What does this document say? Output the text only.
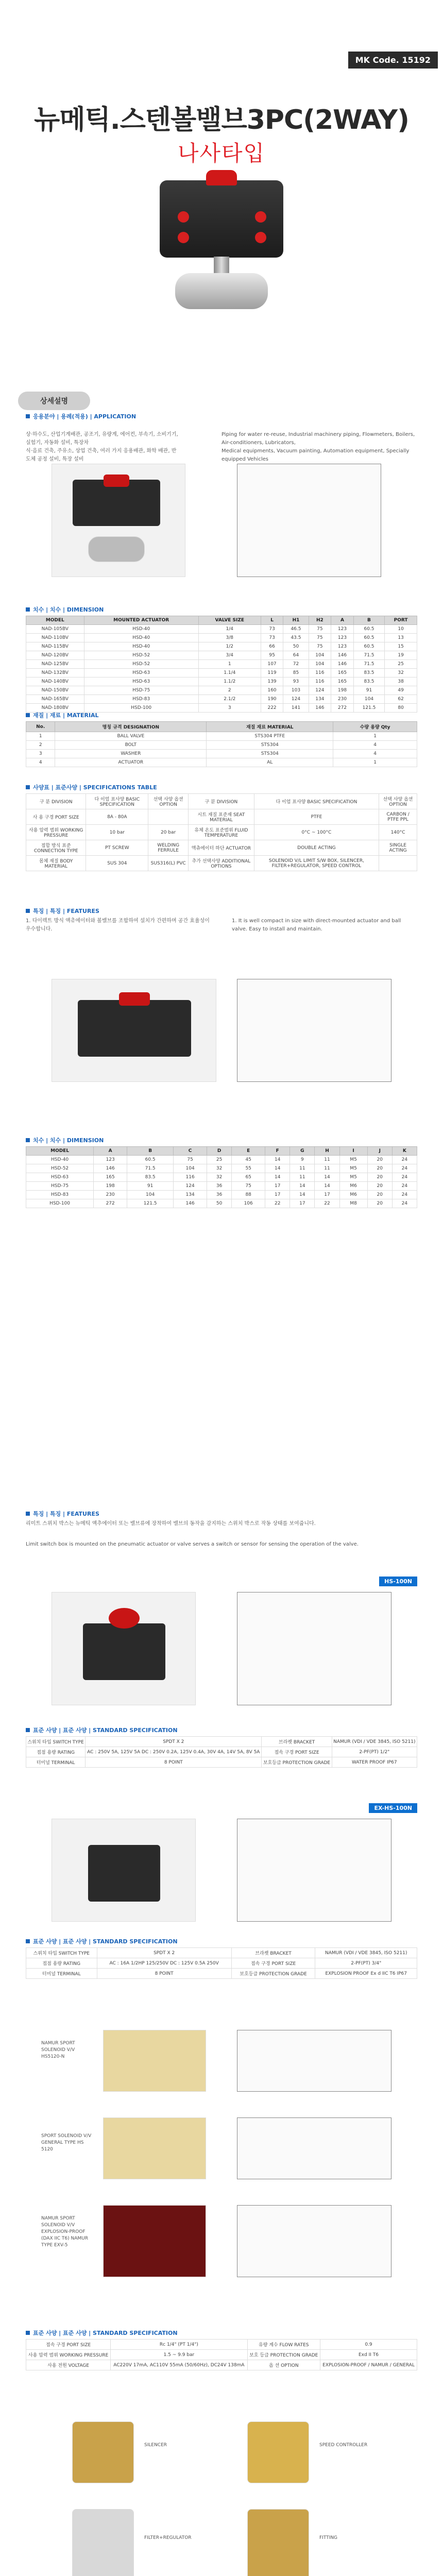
MK Code. 15192
뉴메틱.스텐볼밸브3PC(2WAY)
나사타입
상세설명
응용분야 | 용례(적용) | APPLICATION
상·하수도, 산업기계배관, 공조기, 유량계, 에어컨, 부속기, 소비기기, 실험기, 자동화 설비, 특장차
식·음료 건축, 주유소, 상업 건축, 여러 가지 응용배관, 화학 배관, 반도체 공정 설비, 특장 설비
Piping for water re-reuse, Industrial machinery piping, Flowmeters, Boilers, Air-conditioners, Lubricators,
Medical equipments, Vacuum painting, Automation equipment, Specially equipped Vehicles
치수 | 치수 | DIMENSION
MODEL	MOUNTED ACTUATOR	VALVE SIZE	L	H1	H2	A	B	PORT
NAD-105BV	HSD-40	1/4	73	46.5	75	123	60.5	10
NAD-110BV	HSD-40	3/8	73	43.5	75	123	60.5	13
NAD-115BV	HSD-40	1/2	66	50	75	123	60.5	15
NAD-120BV	HSD-52	3/4	95	64	104	146	71.5	19
NAD-125BV	HSD-52	1	107	72	104	146	71.5	25
NAD-132BV	HSD-63	1.1/4	119	85	116	165	83.5	32
NAD-140BV	HSD-63	1.1/2	139	93	116	165	83.5	38
NAD-150BV	HSD-75	2	160	103	124	198	91	49
NAD-165BV	HSD-83	2.1/2	190	124	134	230	104	62
NAD-180BV	HSD-100	3	222	141	146	272	121.5	80
재질 | 재료 | MATERIAL
No.	명칭 규격 DESIGNATION	재질 재료 MATERIAL	수량 용량 Qty
1	BALL VALVE	STS304 PTFE	1
2	BOLT	STS304	4
3	WASHER	STS304	4
4	ACTUATOR	AL	1
사양표 | 표준사양 | SPECIFICATIONS TABLE
구 분 DIVISION	다 이엄 표사양 BASIC SPECIFICATION	선택 사양 옵션 OPTION	구 분 DIVISION	다 이엄 표사양 BASIC SPECIFICATION	선택 사양 옵션 OPTION
사 용 구경 PORT SIZE	8A - 80A		시트 재질 표준재 SEAT MATERIAL	PTFE	CARBON / PTFE PPL
사용 압력 범위 WORKING PRESSURE	10 bar	20 bar	유체 온도 표준범위 FLUID TEMPERATURE	0°C ~ 100°C	140°C
접합 방식 표준 CONNECTION TYPE	PT SCREW	WELDING FERRULE	액츄에이터 하단 ACTUATOR	DOUBLE ACTING	SINGLE ACTING
몸체 재질 BODY MATERIAL	SUS 304	SUS316(L) PVC	추가 선택사양 ADDITIONAL OPTIONS	SOLENOID V/L LIMIT S/W BOX, SILENCER, FILTER+REGULATOR, SPEED CONTROL	
특징 | 특징 | FEATURES
1. 다이렉트 방식 액츄에이터와 볼밸브를 조합하여 설치가 간편하며 공간 효율성이 우수합니다.
1. It is well compact in size with direct-mounted actuator and ball valve. Easy to install and maintain.
치수 | 치수 | DIMENSION
MODEL	A	B	C	D	E	F	G	H	I	J	K
HSD-40	123	60.5	75	25	45	14	9	11	M5	20	24
HSD-52	146	71.5	104	32	55	14	11	11	M5	20	24
HSD-63	165	83.5	116	32	65	14	11	14	M5	20	24
HSD-75	198	91	124	36	75	17	14	14	M6	20	24
HSD-83	230	104	134	36	88	17	14	17	M6	20	24
HSD-100	272	121.5	146	50	106	22	17	22	M8	20	24
특징 | 특징 | FEATURES
리미트 스위치 박스는 뉴메틱 액추에이터 또는 밸브류에 장착하여 밸브의 동작을 감지하는 스위치 박스로 작동 상태를 보여줍니다.
Limit switch box is mounted on the pneumatic actuator or valve serves a switch or sensor for sensing the operation of the valve.
HS-100N
표준 사양 | 표준 사양 | STANDARD SPECIFICATION
스위치 타입 SWITCH TYPE	SPDT X 2	브라켓 BRACKET	NAMUR (VDI / VDE 3845, ISO 5211)
접점 용량 RATING	AC : 250V 5A, 125V 5A DC : 250V 0.2A, 125V 0.4A, 30V 4A, 14V 5A, 8V 5A	접속 구경 PORT SIZE	2-PF(PT) 1/2"
터미널 TERMINAL	8 POINT	보호등급 PROTECTION GRADE	WATER PROOF IP67
EX-HS-100N
표준 사양 | 표준 사양 | STANDARD SPECIFICATION
스위치 타입 SWITCH TYPE	SPDT X 2	브라켓 BRACKET	NAMUR (VDI / VDE 3845, ISO 5211)
접점 용량 RATING	AC : 16A 1/2HP 125/250V DC : 125V 0.5A 250V	접속 구경 PORT SIZE	2-PF(PT) 3/4"
터미널 TERMINAL	8 POINT	보호등급 PROTECTION GRADE	EXPLOSION PROOF Ex d IIC T6 IP67
NAMUR SPORT SOLENOID V/V HS5120-N
SPORT SOLENOID V/V GENERAL TYPE HS 5120
NAMUR SPORT SOLENOID V/V EXPLOSION-PROOF (DAX IIC T6) NAMUR TYPE EXV-5
표준 사양 | 표준 사양 | STANDARD SPECIFICATION
접속 구경 PORT SIZE	Rc 1/4" (PT 1/4")	유량 계수 FLOW RATES	0.9
사용 압력 범위 WORKING PRESSURE	1.5 ~ 9.9 bar	보호 등급 PROTECTION GRADE	Exd II T6
사용 전원 VOLTAGE	AC220V 17mA, AC110V 55mA (50/60Hz), DC24V 138mA	옵 션 OPTION	EXPLOSION-PROOF / NAMUR / GENERAL
SILENCER	SPEED CONTROLLER
FILTER+REGULATOR	FITTING
